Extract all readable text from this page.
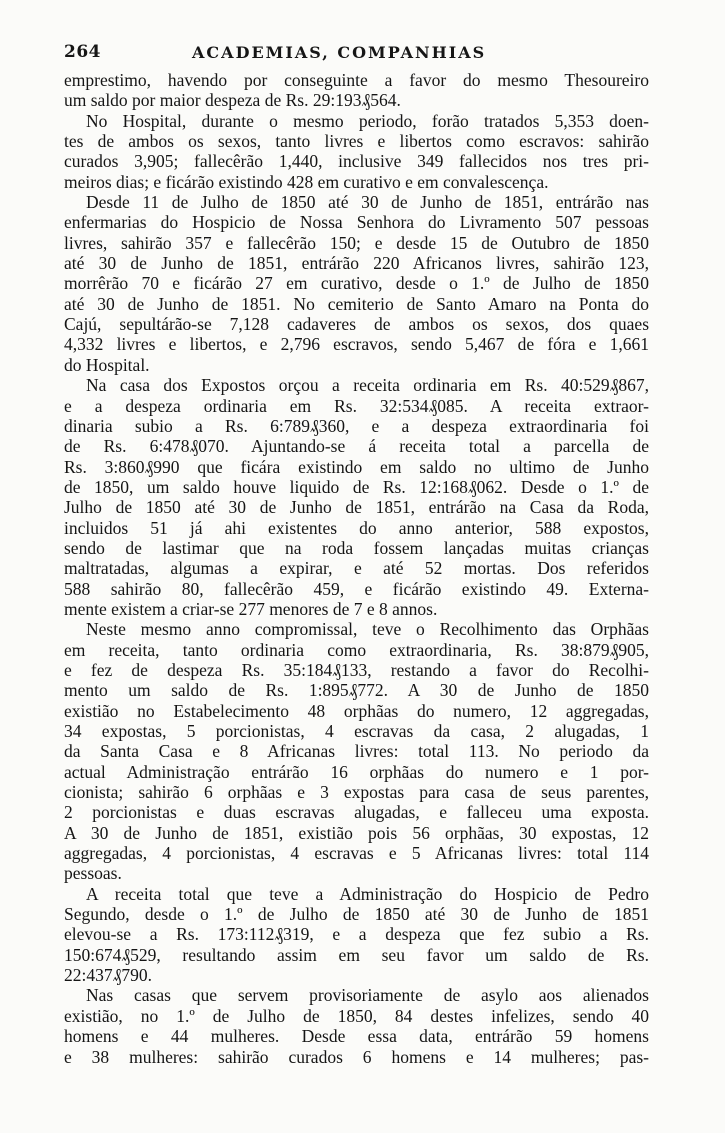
264	ACADEMIAS, COMPANHIAS
emprestimo, havendo por conseguinte a favor do mesmo Thesoureiro
um saldo por maior despeza de Rs. 29:193₰564.
No Hospital, durante o mesmo periodo, forão tratados 5,353 doen-
tes de ambos os sexos, tanto livres e libertos como escravos: sahirão
curados 3,905; fallecêrão 1,440, inclusive 349 fallecidos nos tres pri-
meiros dias; e ficárão existindo 428 em curativo e em convalescença.
Desde 11 de Julho de 1850 até 30 de Junho de 1851, entrárão nas
enfermarias do Hospicio de Nossa Senhora do Livramento 507 pessoas
livres, sahirão 357 e fallecêrão 150; e desde 15 de Outubro de 1850
até 30 de Junho de 1851, entrárão 220 Africanos livres, sahirão 123,
morrêrão 70 e ficárão 27 em curativo, desde o 1.º de Julho de 1850
até 30 de Junho de 1851. No cemiterio de Santo Amaro na Ponta do
Cajú, sepultárão-se 7,128 cadaveres de ambos os sexos, dos quaes
4,332 livres e libertos, e 2,796 escravos, sendo 5,467 de fóra e 1,661
do Hospital.
Na casa dos Expostos orçou a receita ordinaria em Rs. 40:529₰867,
e a despeza ordinaria em Rs. 32:534₰085. A receita extraor-
dinaria subio a Rs. 6:789₰360, e a despeza extraordinaria foi
de Rs. 6:478₰070. Ajuntando-se á receita total a parcella de
Rs. 3:860₰990 que ficára existindo em saldo no ultimo de Junho
de 1850, um saldo houve liquido de Rs. 12:168₰062. Desde o 1.º de
Julho de 1850 até 30 de Junho de 1851, entrárão na Casa da Roda,
incluidos 51 já ahi existentes do anno anterior, 588 expostos,
sendo de lastimar que na roda fossem lançadas muitas crianças
maltratadas, algumas a expirar, e até 52 mortas. Dos referidos
588 sahirão 80, fallecêrão 459, e ficárão existindo 49. Externa-
mente existem a criar-se 277 menores de 7 e 8 annos.
Neste mesmo anno compromissal, teve o Recolhimento das Orphãas
em receita, tanto ordinaria como extraordinaria, Rs. 38:879₰905,
e fez de despeza Rs. 35:184₰133, restando a favor do Recolhi-
mento um saldo de Rs. 1:895₰772. A 30 de Junho de 1850
existião no Estabelecimento 48 orphãas do numero, 12 aggregadas,
34 expostas, 5 porcionistas, 4 escravas da casa, 2 alugadas, 1
da Santa Casa e 8 Africanas livres: total 113. No periodo da
actual Administração entrárão 16 orphãas do numero e 1 por-
cionista; sahirão 6 orphãas e 3 expostas para casa de seus parentes,
2 porcionistas e duas escravas alugadas, e falleceu uma exposta.
A 30 de Junho de 1851, existião pois 56 orphãas, 30 expostas, 12
aggregadas, 4 porcionistas, 4 escravas e 5 Africanas livres: total 114
pessoas.
A receita total que teve a Administração do Hospicio de Pedro
Segundo, desde o 1.º de Julho de 1850 até 30 de Junho de 1851
elevou-se a Rs. 173:112₰319, e a despeza que fez subio a Rs.
150:674₰529, resultando assim em seu favor um saldo de Rs.
22:437₰790.
Nas casas que servem provisoriamente de asylo aos alienados
existião, no 1.º de Julho de 1850, 84 destes infelizes, sendo 40
homens e 44 mulheres. Desde essa data, entrárão 59 homens
e 38 mulheres: sahirão curados 6 homens e 14 mulheres; pas-
